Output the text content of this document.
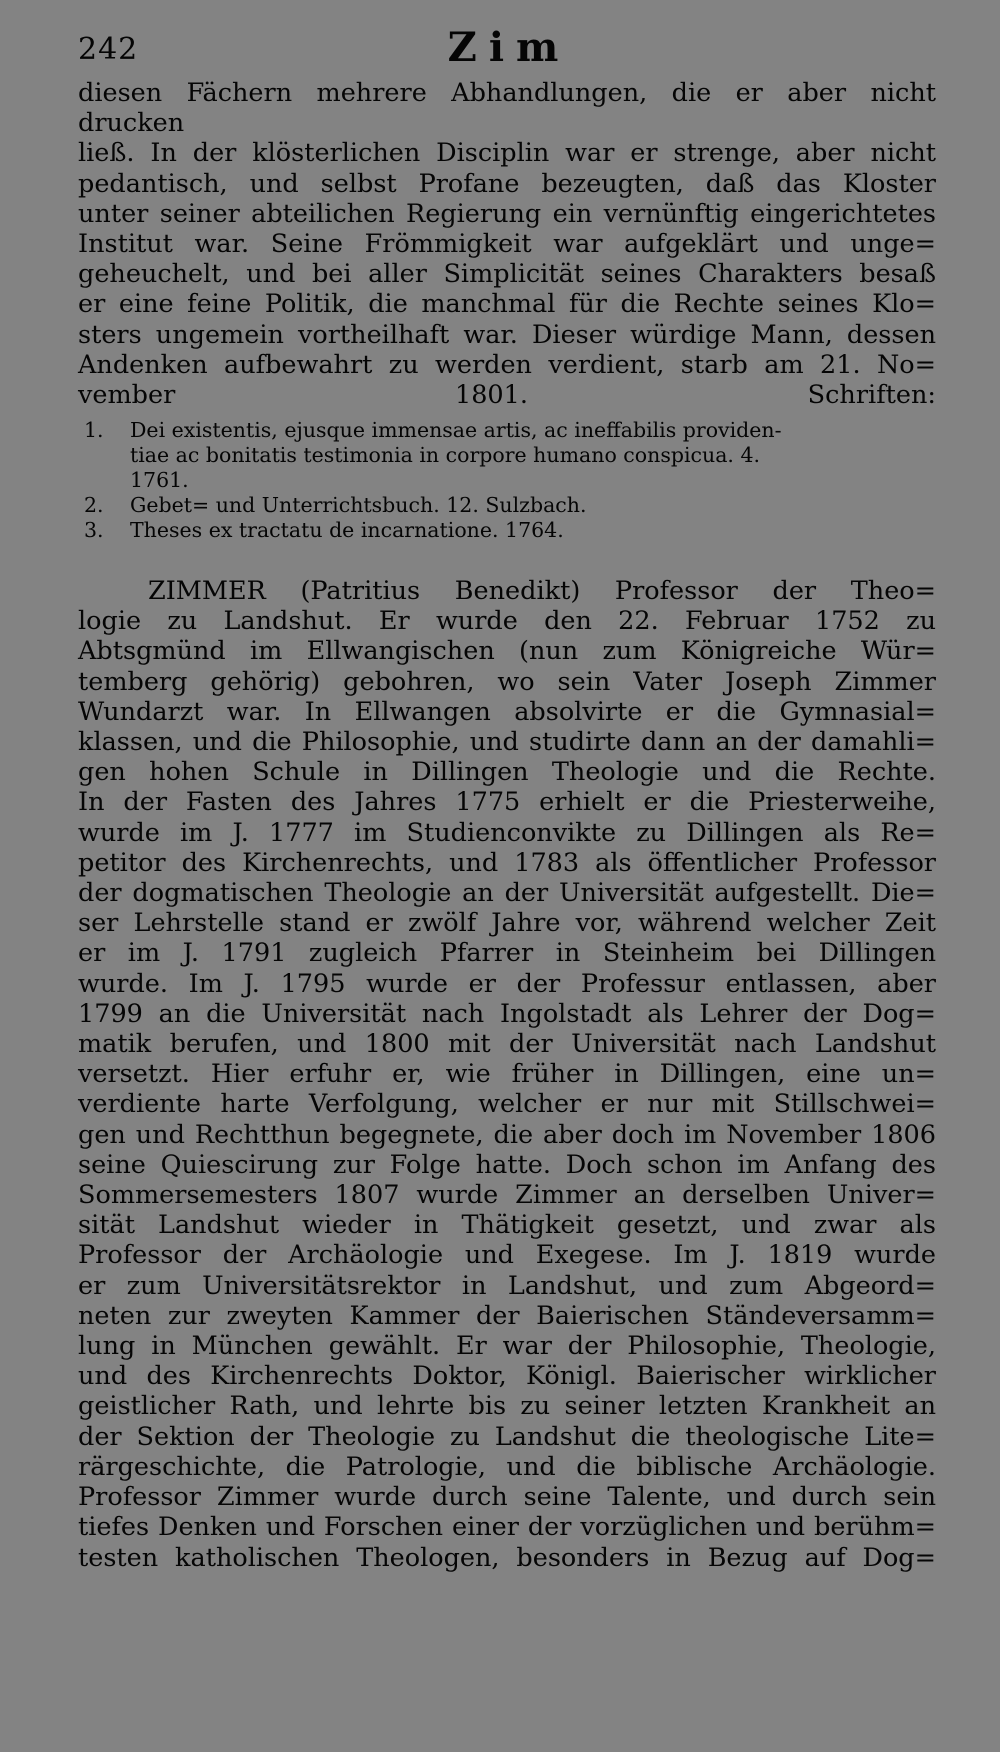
242	Zim

diesen Fächern mehrere Abhandlungen, die er aber nicht drucken
ließ. In der klösterlichen Disciplin war er strenge, aber nicht
pedantisch, und selbst Profane bezeugten, daß das Kloster
unter seiner abteilichen Regierung ein vernünftig eingerichtetes
Institut war. Seine Frömmigkeit war aufgeklärt und unge=
geheuchelt, und bei aller Simplicität seines Charakters besaß
er eine feine Politik, die manchmal für die Rechte seines Klo=
sters ungemein vortheilhaft war. Dieser würdige Mann, dessen
Andenken aufbewahrt zu werden verdient, starb am 21. No=
vember 1801. Schriften:

1. Dei existentis, ejusque immensae artis, ac ineffabilis providen-
tiae ac bonitatis testimonia in corpore humano conspicua. 4.
1761.
2. Gebet= und Unterrichtsbuch. 12. Sulzbach.
3. Theses ex tractatu de incarnatione. 1764.

ZIMMER (Patritius Benedikt) Professor der Theo=
logie zu Landshut. Er wurde den 22. Februar 1752 zu
Abtsgmünd im Ellwangischen (nun zum Königreiche Wür=
temberg gehörig) gebohren, wo sein Vater Joseph Zimmer
Wundarzt war. In Ellwangen absolvirte er die Gymnasial=
klassen, und die Philosophie, und studirte dann an der damahli=
gen hohen Schule in Dillingen Theologie und die Rechte.
In der Fasten des Jahres 1775 erhielt er die Priesterweihe,
wurde im J. 1777 im Studienconvikte zu Dillingen als Re=
petitor des Kirchenrechts, und 1783 als öffentlicher Professor
der dogmatischen Theologie an der Universität aufgestellt. Die=
ser Lehrstelle stand er zwölf Jahre vor, während welcher Zeit
er im J. 1791 zugleich Pfarrer in Steinheim bei Dillingen
wurde. Im J. 1795 wurde er der Professur entlassen, aber
1799 an die Universität nach Ingolstadt als Lehrer der Dog=
matik berufen, und 1800 mit der Universität nach Landshut
versetzt. Hier erfuhr er, wie früher in Dillingen, eine un=
verdiente harte Verfolgung, welcher er nur mit Stillschwei=
gen und Rechtthun begegnete, die aber doch im November 1806
seine Quiescirung zur Folge hatte. Doch schon im Anfang des
Sommersemesters 1807 wurde Zimmer an derselben Univer=
sität Landshut wieder in Thätigkeit gesetzt, und zwar als
Professor der Archäologie und Exegese. Im J. 1819 wurde
er zum Universitätsrektor in Landshut, und zum Abgeord=
neten zur zweyten Kammer der Baierischen Ständeversamm=
lung in München gewählt. Er war der Philosophie, Theologie,
und des Kirchenrechts Doktor, Königl. Baierischer wirklicher
geistlicher Rath, und lehrte bis zu seiner letzten Krankheit an
der Sektion der Theologie zu Landshut die theologische Lite=
rärgeschichte, die Patrologie, und die biblische Archäologie.
Professor Zimmer wurde durch seine Talente, und durch sein
tiefes Denken und Forschen einer der vorzüglichen und berühm=
testen katholischen Theologen, besonders in Bezug auf Dog=
